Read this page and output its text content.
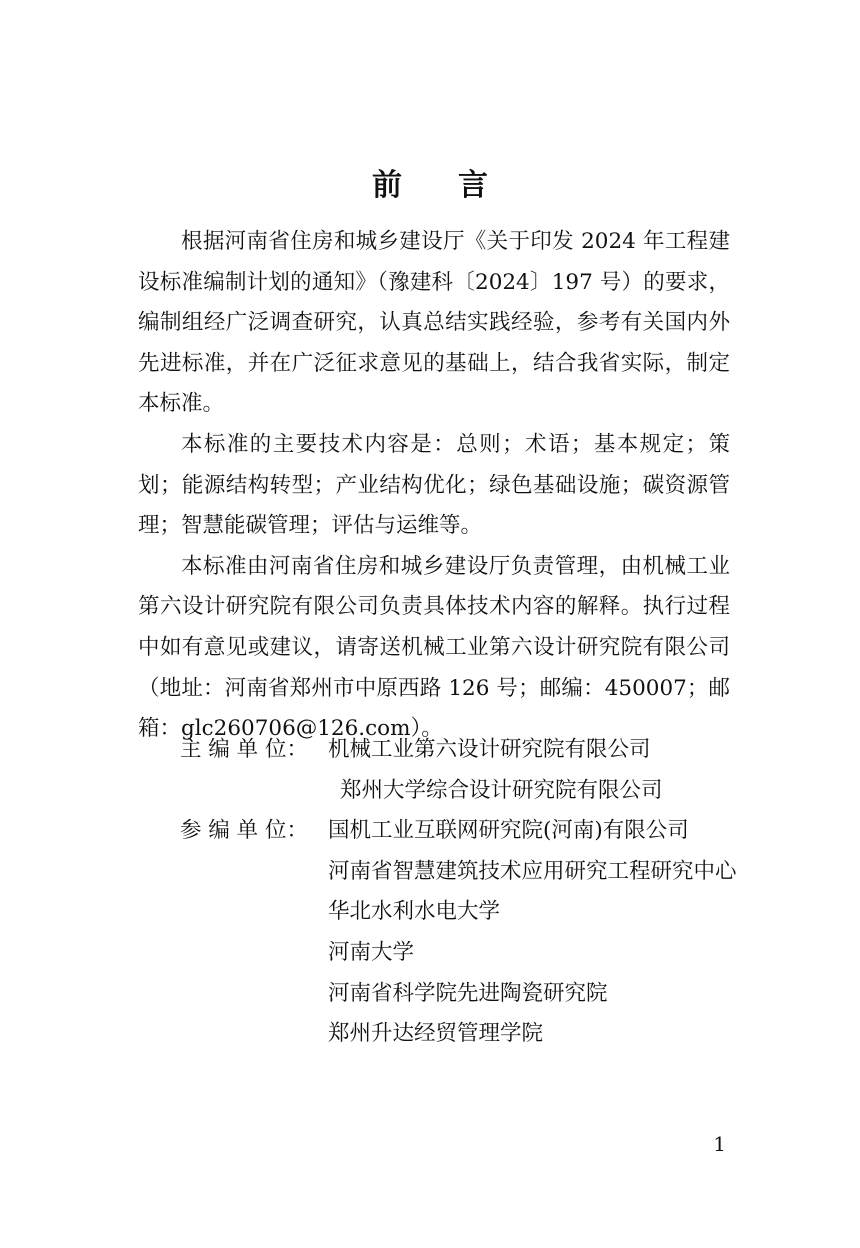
前 言

根据河南省住房和城乡建设厅《关于印发 2024 年工程建设标准编制计划的通知》（豫建科〔2024〕197 号）的要求，编制组经广泛调查研究，认真总结实践经验，参考有关国内外先进标准，并在广泛征求意见的基础上，结合我省实际，制定本标准。

本标准的主要技术内容是：总则；术语；基本规定；策划；能源结构转型；产业结构优化；绿色基础设施；碳资源管理；智慧能碳管理；评估与运维等。

本标准由河南省住房和城乡建设厅负责管理，由机械工业第六设计研究院有限公司负责具体技术内容的解释。执行过程中如有意见或建议，请寄送机械工业第六设计研究院有限公司（地址：河南省郑州市中原西路 126 号；邮编：450007；邮箱：glc260706@126.com）。

主 编 单 位： 机械工业第六设计研究院有限公司
郑州大学综合设计研究院有限公司
参 编 单 位： 国机工业互联网研究院(河南)有限公司
河南省智慧建筑技术应用研究工程研究中心
华北水利水电大学
河南大学
河南省科学院先进陶瓷研究院
郑州升达经贸管理学院
1
